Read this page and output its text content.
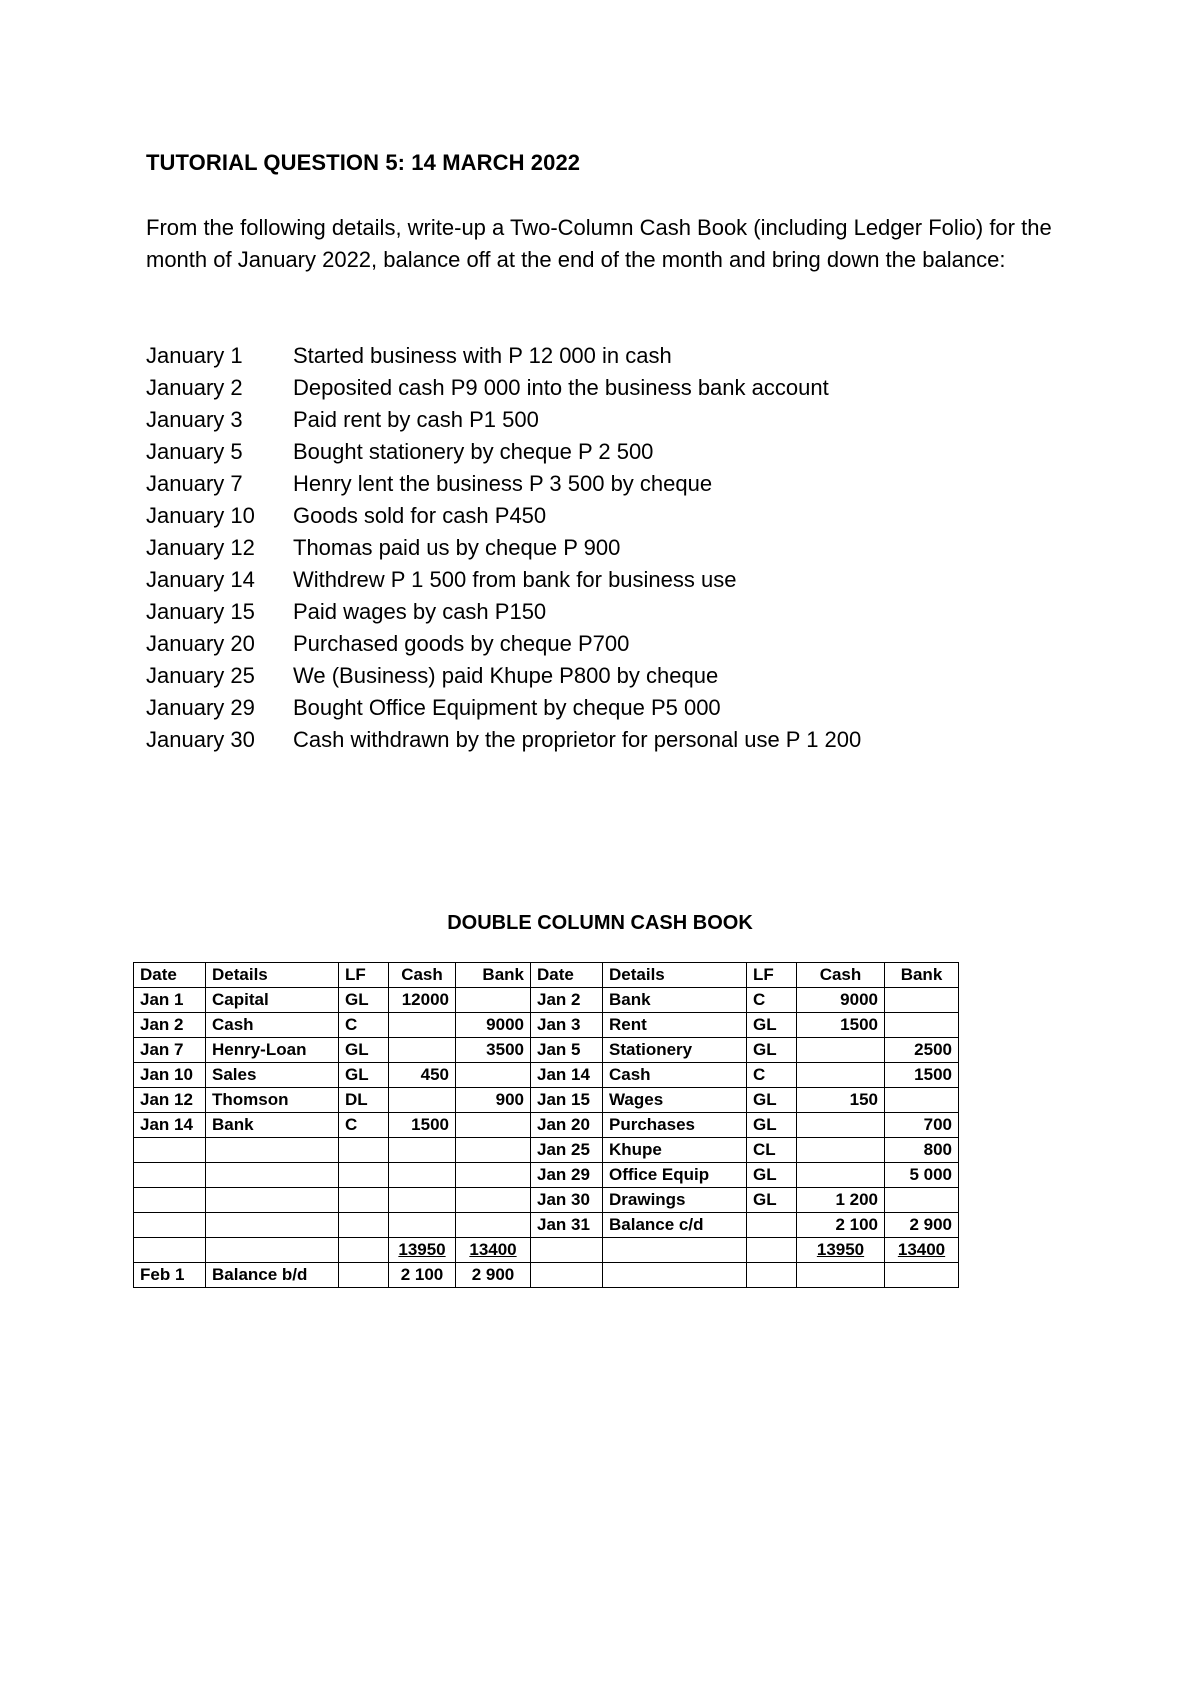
TUTORIAL QUESTION 5: 14 MARCH 2022
From the following details, write-up a Two-Column Cash Book (including Ledger Folio) for the month of January 2022, balance off at the end of the month and bring down the balance:
January 1	Started business with P 12 000 in cash
January 2	Deposited cash P9 000 into the business bank account
January 3	Paid rent by cash P1 500
January 5	Bought stationery by cheque P 2 500
January 7	Henry lent the business P 3 500 by cheque
January 10	Goods sold for cash P450
January 12	Thomas paid us by cheque P 900
January 14	Withdrew P 1 500 from bank for business use
January 15	Paid wages by cash P150
January 20	Purchased goods by cheque P700
January 25	We (Business) paid Khupe P800 by cheque
January 29	Bought Office Equipment by cheque P5 000
January 30	Cash withdrawn by the proprietor for personal use P 1 200
DOUBLE COLUMN CASH BOOK
Date	Details	LF	Cash	Bank	Date	Details	LF	Cash	Bank
Jan 1	Capital	GL	12000		Jan 2	Bank	C	9000	
Jan 2	Cash	C		9000	Jan 3	Rent	GL	1500	
Jan 7	Henry-Loan	GL		3500	Jan 5	Stationery	GL		2500
Jan 10	Sales	GL	450		Jan 14	Cash	C		1500
Jan 12	Thomson	DL		900	Jan 15	Wages	GL	150	
Jan 14	Bank	C	1500		Jan 20	Purchases	GL		700
					Jan 25	Khupe	CL		800
					Jan 29	Office Equip	GL		5 000
					Jan 30	Drawings	GL	1 200	
					Jan 31	Balance c/d		2 100	2 900
			13950	13400				13950	13400
Feb 1	Balance b/d		2 100	2 900					
